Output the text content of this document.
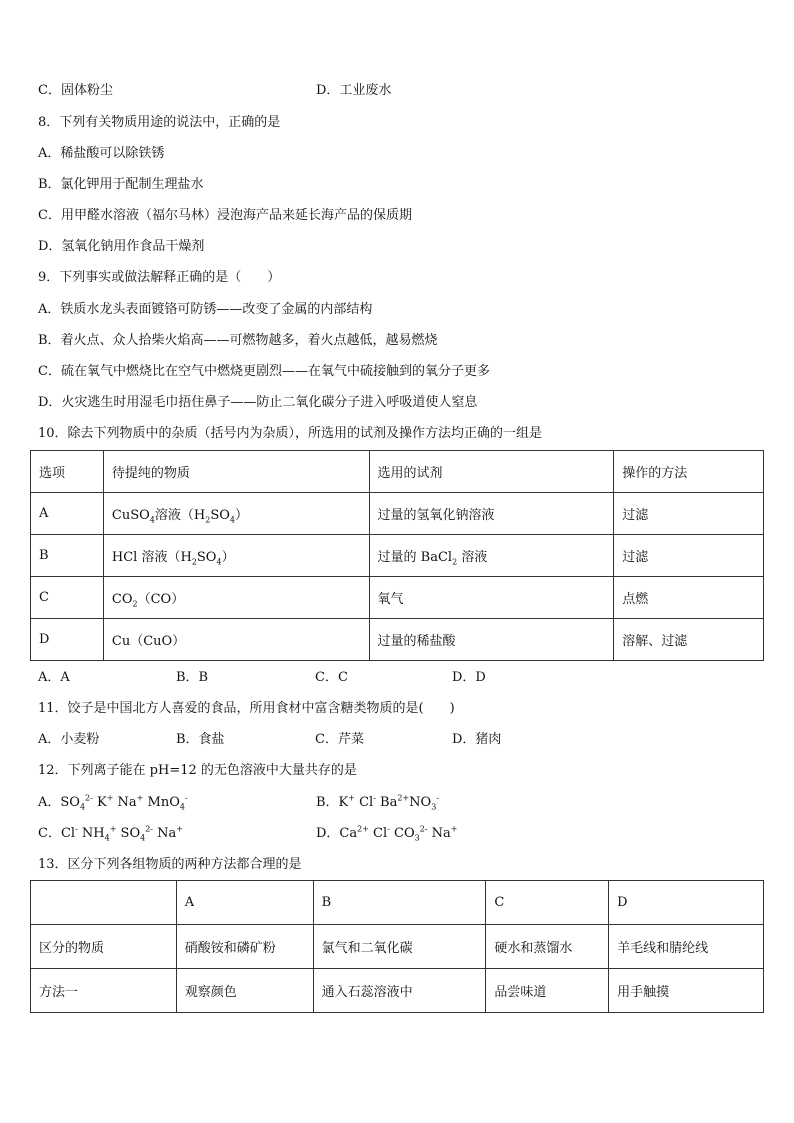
C．固体粉尘	D．工业废水
8．下列有关物质用途的说法中，正确的是
A．稀盐酸可以除铁锈
B．氯化钾用于配制生理盐水
C．用甲醛水溶液（福尔马林）浸泡海产品来延长海产品的保质期
D．氢氧化钠用作食品干燥剂
9．下列事实或做法解释正确的是（　　）
A．铁质水龙头表面镀铬可防锈——改变了金属的内部结构
B．着火点、众人拾柴火焰高——可燃物越多，着火点越低，越易燃烧
C．硫在氧气中燃烧比在空气中燃烧更剧烈——在氧气中硫接触到的氧分子更多
D．火灾逃生时用湿毛巾捂住鼻子——防止二氧化碳分子进入呼吸道使人窒息
10．除去下列物质中的杂质（括号内为杂质），所选用的试剂及操作方法均正确的一组是
选项	待提纯的物质	选用的试剂	操作的方法
A	CuSO$_4$溶液$(H_2SO_4)$	过量的氢氧化钠溶液	过滤
B	HCl 溶液$(H_2SO_4)$	过量的 BaCl$_2$ 溶液	过滤
C	$CO_2(CO)$	氧气	点燃
D	Cu（CuO）	过量的稀盐酸	溶解、过滤
A．A	B．B	C．C	D．D
11．饺子是中国北方人喜爱的食品，所用食材中富含糖类物质的是(　　)
A．小麦粉	B．食盐	C．芹菜	D．猪肉
12．下列离子能在 pH=12 的无色溶液中大量共存的是
A．$SO_4^{2-}$ K+ Na+ MnO$_4$-	B．K+ Cl- $Ba^{2+}NO_3^-$
C．Cl- $NH_4^+$ $SO_4^{2-}$ Na+	D．$Ca^{2+}$ Cl- $CO_3^{2-}$ Na+
13．区分下列各组物质的两种方法都合理的是
	A	B	C	D
区分的物质	硝酸铵和磷矿粉	氯气和二氧化碳	硬水和蒸馏水	羊毛线和腈纶线
方法一	观察颜色	通入石蕊溶液中	品尝味道	用手触摸
